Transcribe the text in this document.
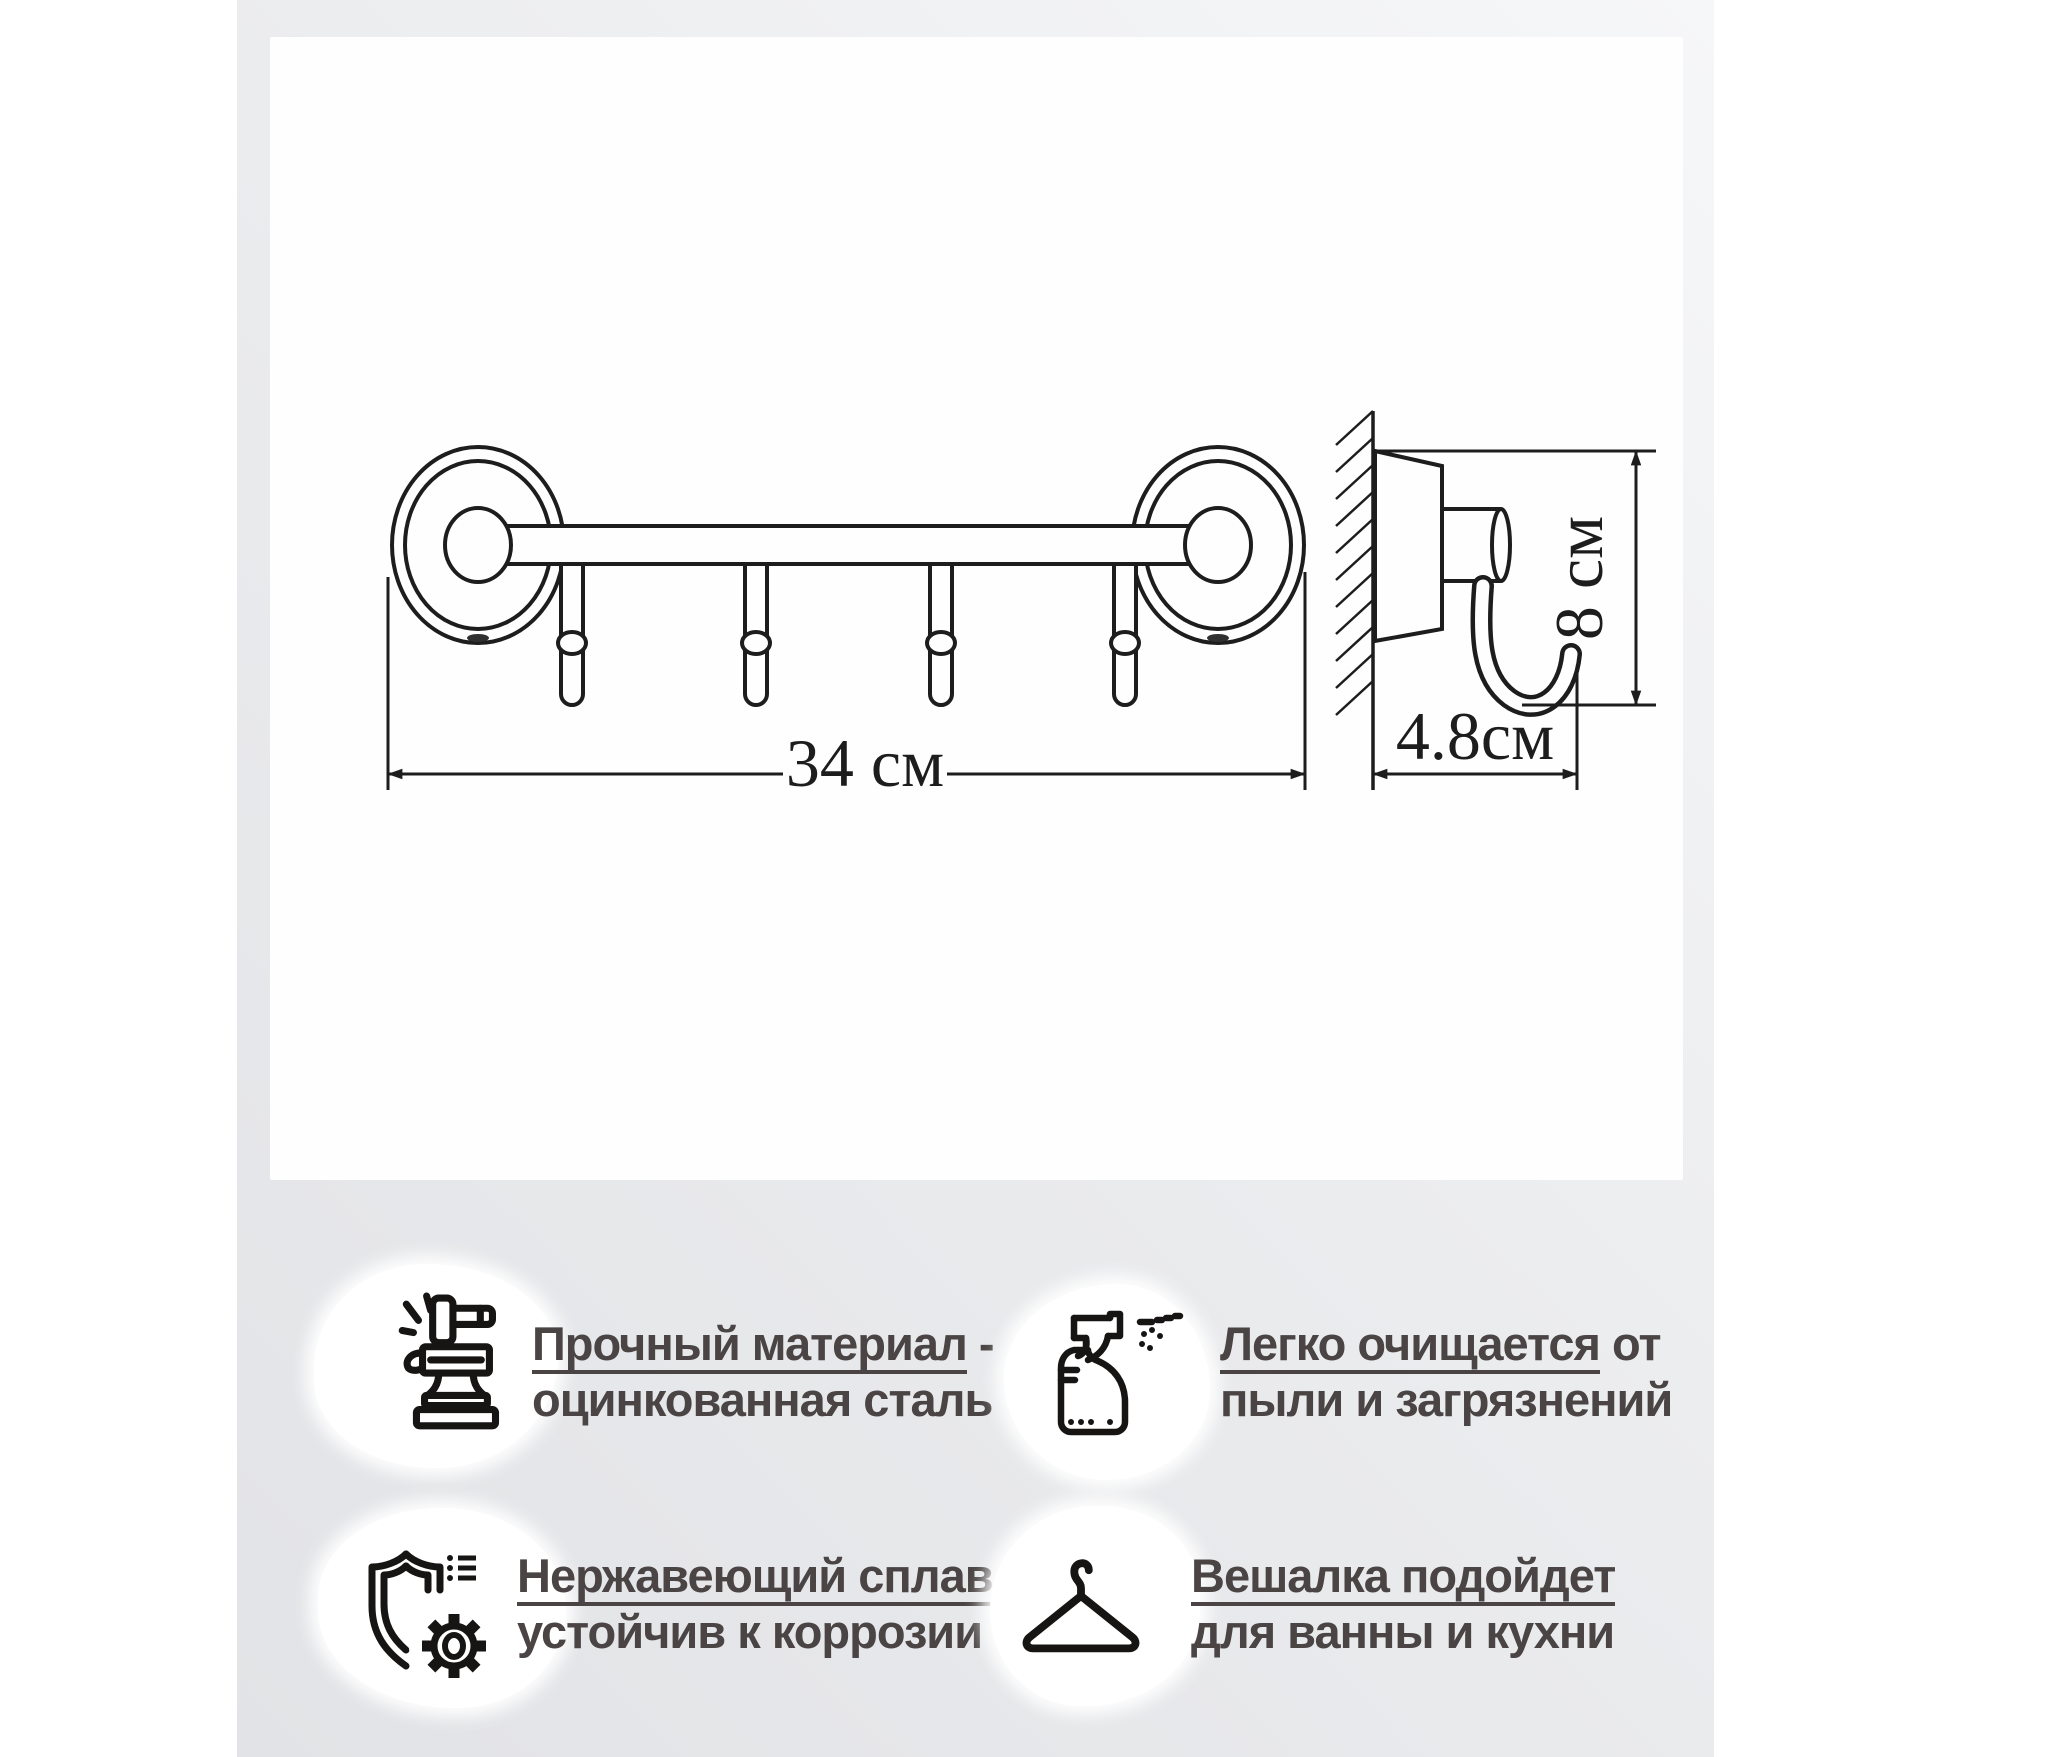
34 см	4.8см
8 см
Прочный материал -
оцинкованная сталь
Легко очищается от
пыли и загрязнений
Нержавеющий сплав
устойчив к коррозии
Вешалка подойдет
для ванны и кухни
